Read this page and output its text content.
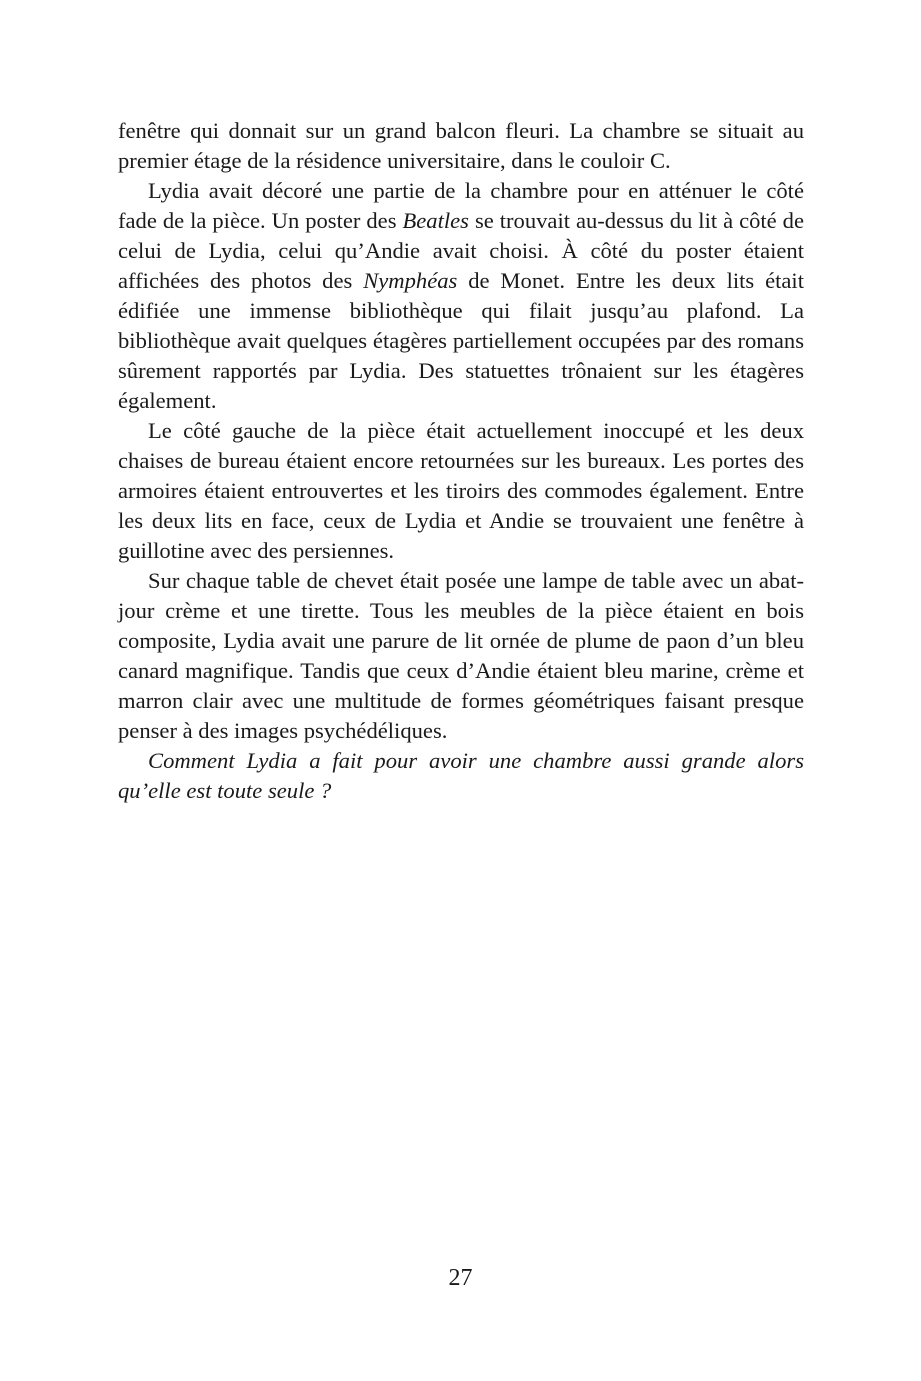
fenêtre qui donnait sur un grand balcon fleuri. La chambre se situait au premier étage de la résidence universitaire, dans le couloir C.

Lydia avait décoré une partie de la chambre pour en atténuer le côté fade de la pièce. Un poster des Beatles se trouvait au-dessus du lit à côté de celui de Lydia, celui qu’Andie avait choisi. À côté du poster étaient affichées des photos des Nymphéas de Monet. Entre les deux lits était édifiée une immense bibliothèque qui filait jusqu’au plafond. La bibliothèque avait quelques étagères partiellement occupées par des romans sûrement rapportés par Lydia. Des statuettes trônaient sur les étagères également.

Le côté gauche de la pièce était actuellement inoccupé et les deux chaises de bureau étaient encore retournées sur les bureaux. Les portes des armoires étaient entrouvertes et les tiroirs des commodes également. Entre les deux lits en face, ceux de Lydia et Andie se trouvaient une fenêtre à guillotine avec des persiennes.

Sur chaque table de chevet était posée une lampe de table avec un abat-jour crème et une tirette. Tous les meubles de la pièce étaient en bois composite, Lydia avait une parure de lit ornée de plume de paon d’un bleu canard magnifique. Tandis que ceux d’Andie étaient bleu marine, crème et marron clair avec une multitude de formes géométriques faisant presque penser à des images psychédéliques.

Comment Lydia a fait pour avoir une chambre aussi grande alors qu’elle est toute seule ?

27
